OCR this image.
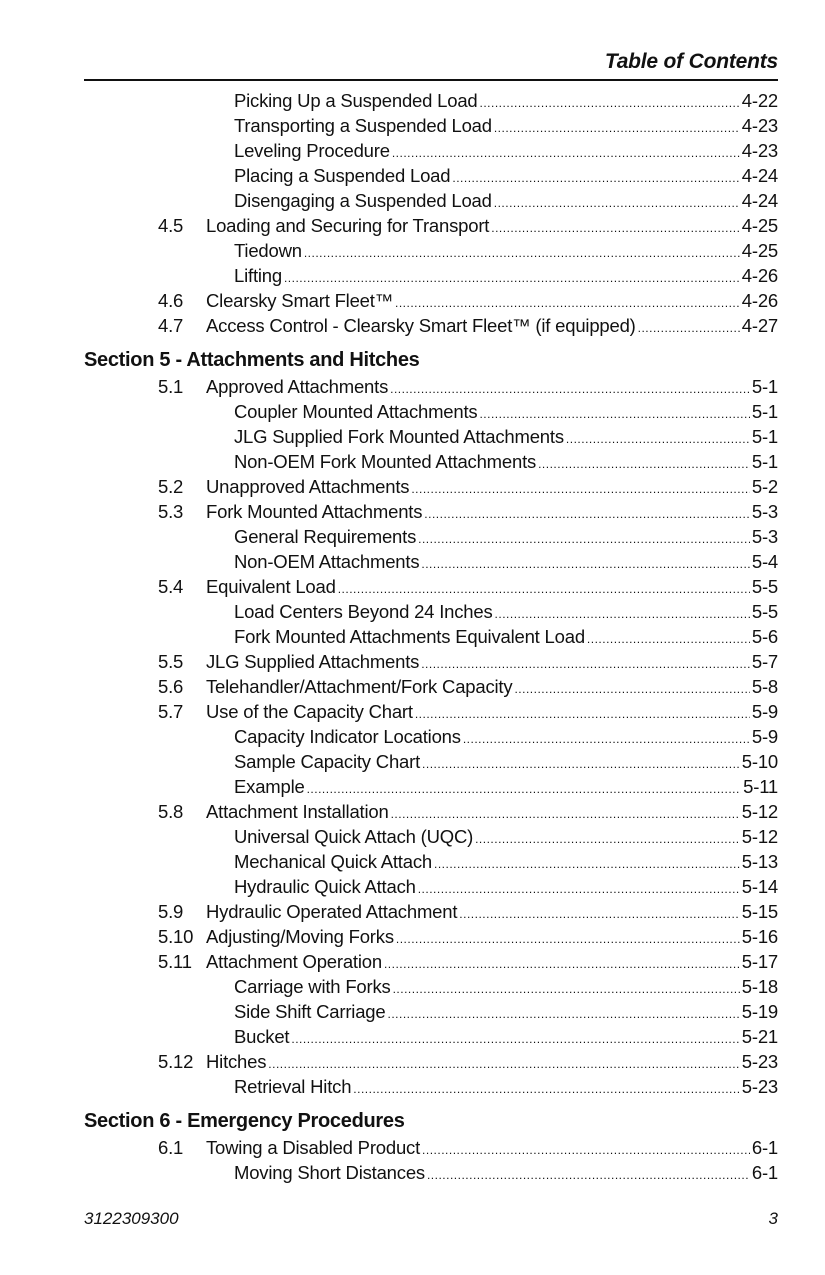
Table of Contents
Picking Up a Suspended Load .....	4-22
Transporting a Suspended Load .....	4-23
Leveling Procedure .....	4-23
Placing a Suspended Load .....	4-24
Disengaging a Suspended Load .....	4-24
4.5 Loading and Securing for Transport .....	4-25
Tiedown .....	4-25
Lifting .....	4-26
4.6 Clearsky Smart Fleet™ .....	4-26
4.7 Access Control - Clearsky Smart Fleet™ (if equipped) .....	4-27
Section 5 - Attachments and Hitches
5.1 Approved Attachments .....	5-1
Coupler Mounted Attachments .....	5-1
JLG Supplied Fork Mounted Attachments .....	5-1
Non-OEM Fork Mounted Attachments .....	5-1
5.2 Unapproved Attachments .....	5-2
5.3 Fork Mounted Attachments .....	5-3
General Requirements .....	5-3
Non-OEM Attachments .....	5-4
5.4 Equivalent Load .....	5-5
Load Centers Beyond 24 Inches .....	5-5
Fork Mounted Attachments Equivalent Load .....	5-6
5.5 JLG Supplied Attachments .....	5-7
5.6 Telehandler/Attachment/Fork Capacity .....	5-8
5.7 Use of the Capacity Chart .....	5-9
Capacity Indicator Locations .....	5-9
Sample Capacity Chart .....	5-10
Example .....	5-11
5.8 Attachment Installation .....	5-12
Universal Quick Attach (UQC) .....	5-12
Mechanical Quick Attach .....	5-13
Hydraulic Quick Attach .....	5-14
5.9 Hydraulic Operated Attachment .....	5-15
5.10 Adjusting/Moving Forks .....	5-16
5.11 Attachment Operation .....	5-17
Carriage with Forks .....	5-18
Side Shift Carriage .....	5-19
Bucket .....	5-21
5.12 Hitches .....	5-23
Retrieval Hitch .....	5-23
Section 6 - Emergency Procedures
6.1 Towing a Disabled Product .....	6-1
Moving Short Distances .....	6-1
3122309300	3
